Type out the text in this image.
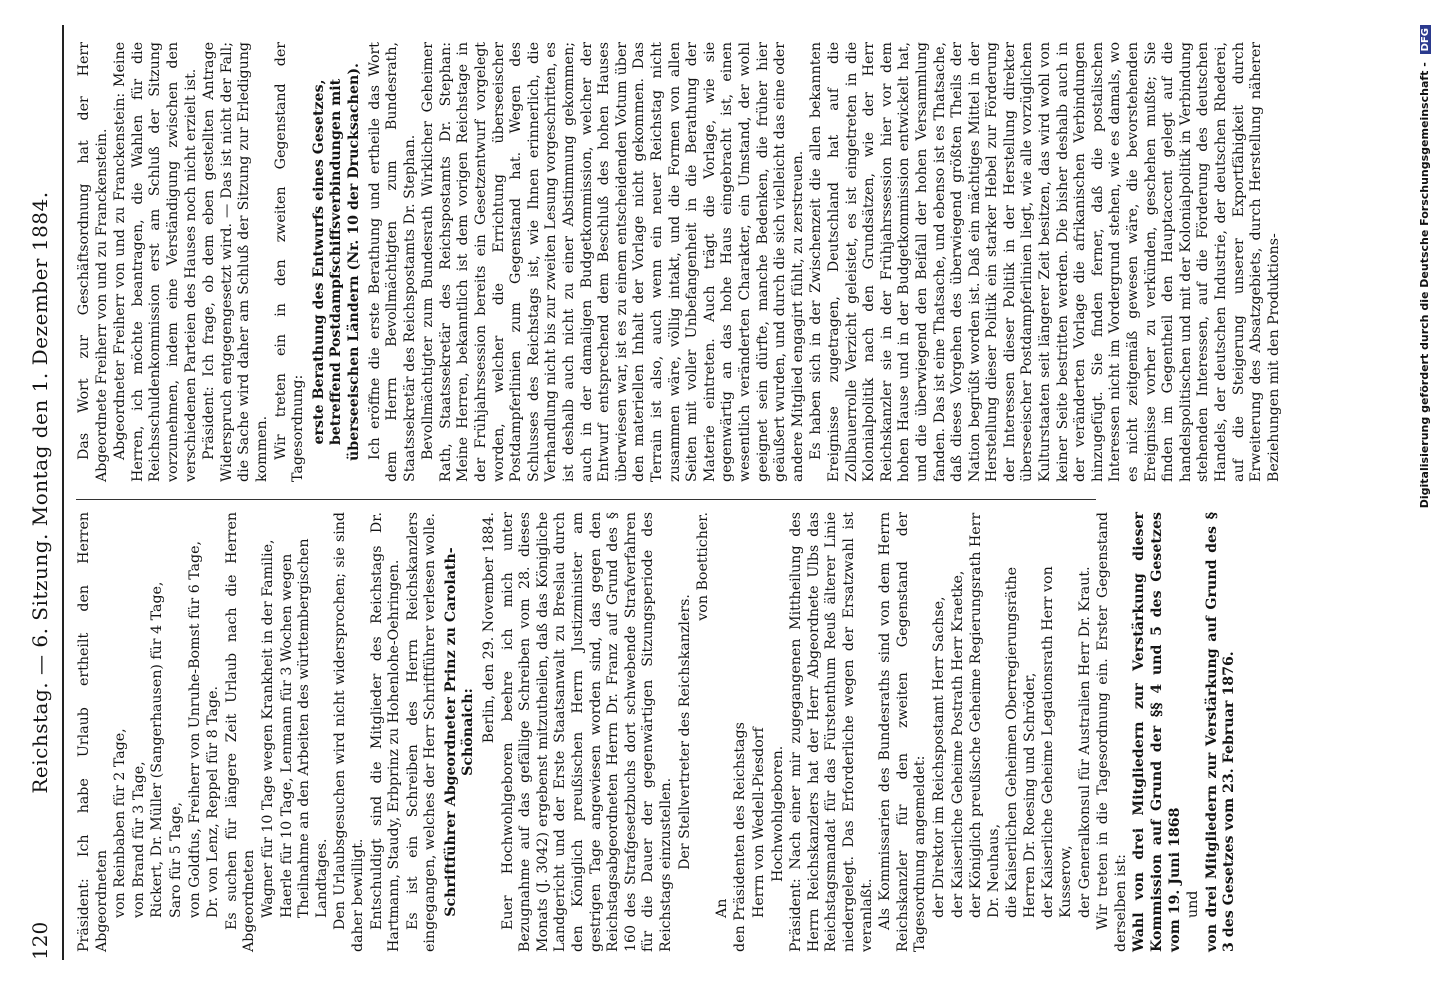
120
Reichstag. — 6. Sitzung. Montag den 1. Dezember 1884. Präsident: Ich habe Urlaub ertheilt den Herren Abgeordneten von Reinbaben für 2 Tage, von Brand für 3 Tage, Rickert, Dr. Müller (Sangerhausen) für 4 Tage, Saro für 5 Tage, von Goldfus, Freiherr von Unruhe-Bomst für 6 Tage, Dr. von Lenz, Reppel für 8 Tage. Es suchen für längere Zeit Urlaub nach die Herren Abgeordneten Wagner für 10 Tage wegen Krankheit in der Familie, Haerle für 10 Tage, Lenmann für 3 Wochen wegen Theilnahme an den Arbeiten des württembergischen Landtages. Den Urlaubsgesuchen wird nicht widersprochen; sie sind daher bewilligt. Entschuldigt sind die Mitglieder des Reichstags Dr. Hartmann, Staudy, Erbprinz zu Hohenlohe-Oehringen. Es ist ein Schreiben des Herrn Reichskanzlers eingegangen, welches der Herr Schriftführer verlesen wolle. Schriftführer Abgeordneter Prinz zu Carolath-Schönaich: Berlin, den 29. November 1884. Euer Hochwohlgeboren beehre ich mich unter Bezugnahme auf das gefällige Schreiben vom 28. dieses Monats (J. 3042) ergebenst mitzutheilen, daß das Königliche Landgericht und der Erste Staatsanwalt zu Breslau durch den Königlich preußischen Herrn Justizminister am gestrigen Tage angewiesen worden sind, das gegen den Reichstagsabgeordneten Herrn Dr. Franz auf Grund des § 160 des Strafgesetzbuchs dort schwebende Strafverfahren für die Dauer der gegenwärtigen Sitzungsperiode des Reichstags einzustellen. Der Stellvertreter des Reichskanzlers.

von Boetticher.

An den Präsidenten des Reichstags Herrn von Wedell-Piesdorf Hochwohlgeboren. Präsident: Nach einer mir zugegangenen Mittheilung des Herrn Reichskanzlers hat der Herr Abgeordnete Ulbs das Reichstagsmandat für das Fürstenthum Reuß älterer Linie niedergelegt. Das Erforderliche wegen der Ersatzwahl ist veranlaßt. Als Kommissarien des Bundesraths sind von dem Herrn Reichskanzler für den zweiten Gegenstand der Tagesordnung angemeldet: der Direktor im Reichspostamt Herr Sachse, der Kaiserliche Geheime Postrath Herr Kraetke, der Königlich preußische Geheime Regierungsrath Herr Dr. Neuhaus, die Kaiserlichen Geheimen Oberregierungsräthe Herren Dr. Roesing und Schröder, der Kaiserliche Geheime Legationsrath Herr von Kusserow, der Generalkonsul für Australien Herr Dr. Kraut. Wir treten in die Tagesordnung ein. Erster Gegenstand derselben ist: Wahl von drei Mitgliedern zur Verstärkung dieser Kommission auf Grund der §§ 4 und 5 des Gesetzes vom 19. Juni 1868 und von drei Mitgliedern zur Verstärkung auf Grund des § 3 des Gesetzes vom 23. Februar 1876.

Das Wort zur Geschäftsordnung hat der Herr Abgeordnete Freiherr von und zu Franckenstein. Abgeordneter Freiherr von und zu Franckenstein: Meine Herren, ich möchte beantragen, die Wahlen für die Reichsschuldenkommission erst am Schluß der Sitzung vorzunehmen, indem eine Verständigung zwischen den verschiedenen Parteien des Hauses noch nicht erzielt ist. Präsident: Ich frage, ob dem eben gestellten Antrage Widerspruch entgegengesetzt wird. — Das ist nicht der Fall; die Sache wird daher am Schluß der Sitzung zur Erledigung kommen. Wir treten ein in den zweiten Gegenstand der Tagesordnung: erste Berathung des Entwurfs eines Gesetzes, betreffend Postdampfschiffsverbindungen mit überseeischen Ländern (Nr. 10 der Drucksachen). Ich eröffne die erste Berathung und ertheile das Wort dem Herrn Bevollmächtigten zum Bundesrath, Staatssekretär des Reichspostamts Dr. Stephan. Bevollmächtigter zum Bundesrath Wirklicher Geheimer Rath, Staatssekretär des Reichspostamts Dr. Stephan: Meine Herren, bekanntlich ist dem vorigen Reichstage in der Frühjahrssession bereits ein Gesetzentwurf vorgelegt worden, welcher die Errichtung überseeischer Postdampferlinien zum Gegenstand hat. Wegen des Schlusses des Reichstags ist, wie Ihnen erinnerlich, die Verhandlung nicht bis zur zweiten Lesung vorgeschritten, es ist deshalb auch nicht zu einer Abstimmung gekommen; auch in der damaligen Budgetkommission, welcher der Entwurf entsprechend dem Beschluß des hohen Hauses überwiesen war, ist es zu einem entscheidenden Votum über den materiellen Inhalt der Vorlage nicht gekommen. Das Terrain ist also, auch wenn ein neuer Reichstag nicht zusammen wäre, völlig intakt, und die Formen von allen Seiten mit voller Unbefangenheit in die Berathung der Materie eintreten. Auch trägt die Vorlage, wie sie gegenwärtig an das hohe Haus eingebracht ist, einen wesentlich veränderten Charakter, ein Umstand, der wohl geeignet sein dürfte, manche Bedenken, die früher hier geäußert wurden, und durch die sich vielleicht das eine oder andere Mitglied engagirt fühlt, zu zerstreuen. Es haben sich in der Zwischenzeit die allen bekannten Ereignisse zugetragen, Deutschland hat auf die Zollbauerrolle Verzicht geleistet, es ist eingetreten in die Kolonialpolitik nach den Grundsätzen, wie der Herr Reichskanzler sie in der Frühjahrssession hier vor dem hohen Hause und in der Budgetkommission entwickelt hat, und die überwiegend den Beifall der hohen Versammlung fanden. Das ist eine Thatsache, und ebenso ist es Thatsache, daß dieses Vorgehen des überwiegend größten Theils der Nation begrüßt worden ist. Daß ein mächtiges Mittel in der Herstellung dieser Politik ein starker Hebel zur Förderung der Interessen dieser Politik in der Herstellung direkter überseeischer Postdampferlinien liegt, wie alle vorzüglichen Kulturstaaten seit längerer Zeit besitzen, das wird wohl von keiner Seite bestritten werden. Die bisher deshalb auch in der veränderten Vorlage die afrikanischen Verbindungen hinzugefügt. Sie finden ferner, daß die postalischen Interessen nicht im Vordergrund stehen, wie es damals, wo es nicht zeitgemäß gewesen wäre, die bevorstehenden Ereignisse vorher zu verkünden, geschehen mußte; Sie finden im Gegentheil den Hauptaccent gelegt auf die handelspolitischen und mit der Kolonialpolitik in Verbindung stehenden Interessen, auf die Förderung des deutschen Handels, der deutschen Industrie, der deutschen Rhederei, auf die Steigerung unserer Exportfähigkeit durch Erweiterung des Absatzgebiets, durch Herstellung näherer Beziehungen mit den Produktions-	Digitalisierung gefördert durch die Deutsche Forschungsgemeinschaft - DFG
